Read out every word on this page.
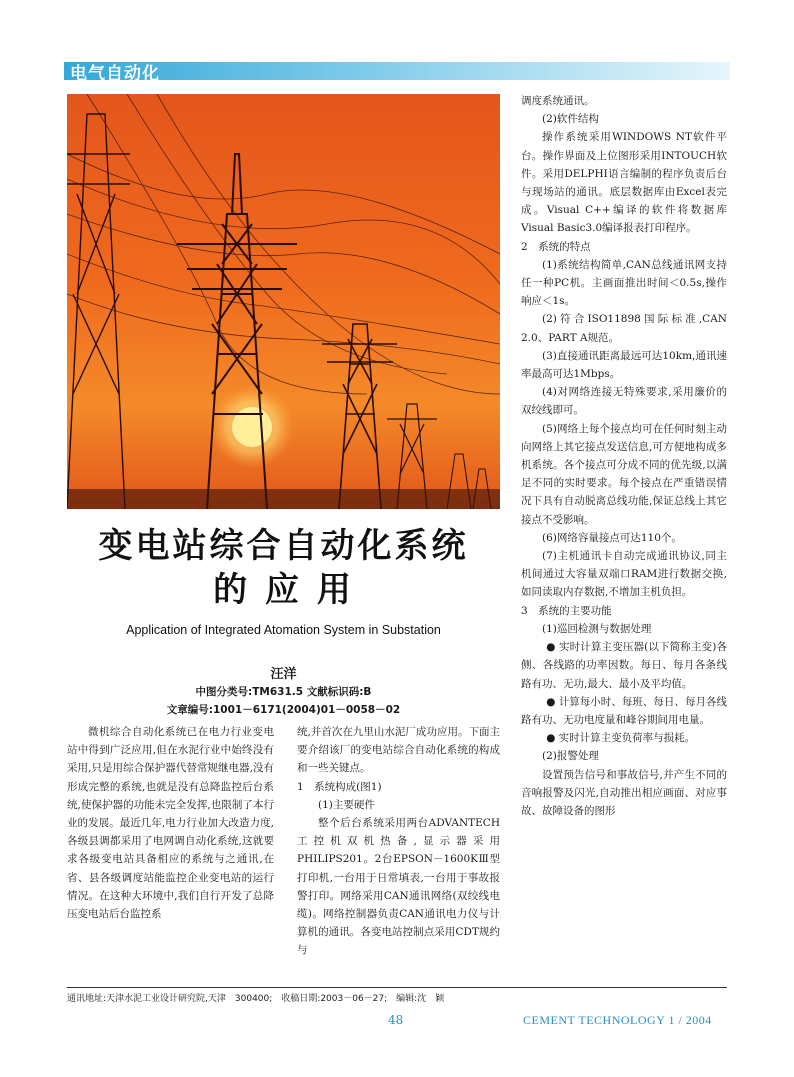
电气自动化
变电站综合自动化系统
的 应 用
Application of Integrated Atomation System in Substation
汪洋
中图分类号:TM631.5 文献标识码:B
文章编号:1001－6171(2004)01－0058－02

微机综合自动化系统已在电力行业变电站中得到广泛应用,但在水泥行业中始终没有采用,只是用综合保护器代替常规继电器,没有形成完整的系统,也就是没有总降监控后台系统,使保护器的功能未完全发挥,也限制了本行业的发展。最近几年,电力行业加大改造力度,各级县调都采用了电网调自动化系统,这就要求各级变电站具备相应的系统与之通讯,在省、县各级调度站能监控企业变电站的运行情况。在这种大环境中,我们自行开发了总降压变电站后台监控系

统,并首次在九里山水泥厂成功应用。下面主要介绍该厂的变电站综合自动化系统的构成和一些关键点。

1　系统构成(图1)

(1)主要硬件

整个后台系统采用两台ADVANTECH工控机双机热备,显示器采用PHILIPS201。2台EPSON－1600KⅢ型打印机,一台用于日常填表,一台用于事故报警打印。网络采用CAN通讯网络(双绞线电缆)。网络控制器负责CAN通讯电力仪与计算机的通讯。各变电站控制点采用CDT规约与

调度系统通讯。

(2)软件结构

操作系统采用WINDOWS NT软件平台。操作界面及上位图形采用INTOUCH软件。采用DELPHI语言编制的程序负责后台与现场站的通讯。底层数据库由Excel表完成。Visual C++编译的软件将数据库Visual Basic3.0编译报表打印程序。

2　系统的特点

(1)系统结构简单,CAN总线通讯网支持任一种PC机。主画面推出时间＜0.5s,操作响应＜1s。

(2)符合ISO11898国际标准,CAN 2.0、PART A规范。

(3)直接通讯距离最远可达10km,通讯速率最高可达1Mbps。

(4)对网络连接无特殊要求,采用廉价的双绞线即可。

(5)网络上每个接点均可在任何时刻主动向网络上其它接点发送信息,可方便地构成多机系统。各个接点可分成不同的优先级,以满足不同的实时要求。每个接点在严重错误情况下具有自动脱离总线功能,保证总线上其它接点不受影响。

(6)网络容量接点可达110个。

(7)主机通讯卡自动完成通讯协议,同主机间通过大容量双端口RAM进行数据交换,如同读取内存数据,不增加主机负担。

3　系统的主要功能

(1)巡回检测与数据处理

● 实时计算主变压器(以下简称主变)各侧、各线路的功率因数。每日、每月各条线路有功、无功,最大、最小及平均值。

● 计算每小时、每班、每日、每月各线路有功、无功电度量和峰谷期间用电量。

● 实时计算主变负荷率与损耗。

(2)报警处理

设置预告信号和事故信号,并产生不同的音响报警及闪光,自动推出相应画面、对应事故、故障设备的图形

通讯地址:天津水泥工业设计研究院,天津　300400;　收稿日期:2003－06－27;　编辑:沈　颖
48	CEMENT TECHNOLOGY 1 / 2004
